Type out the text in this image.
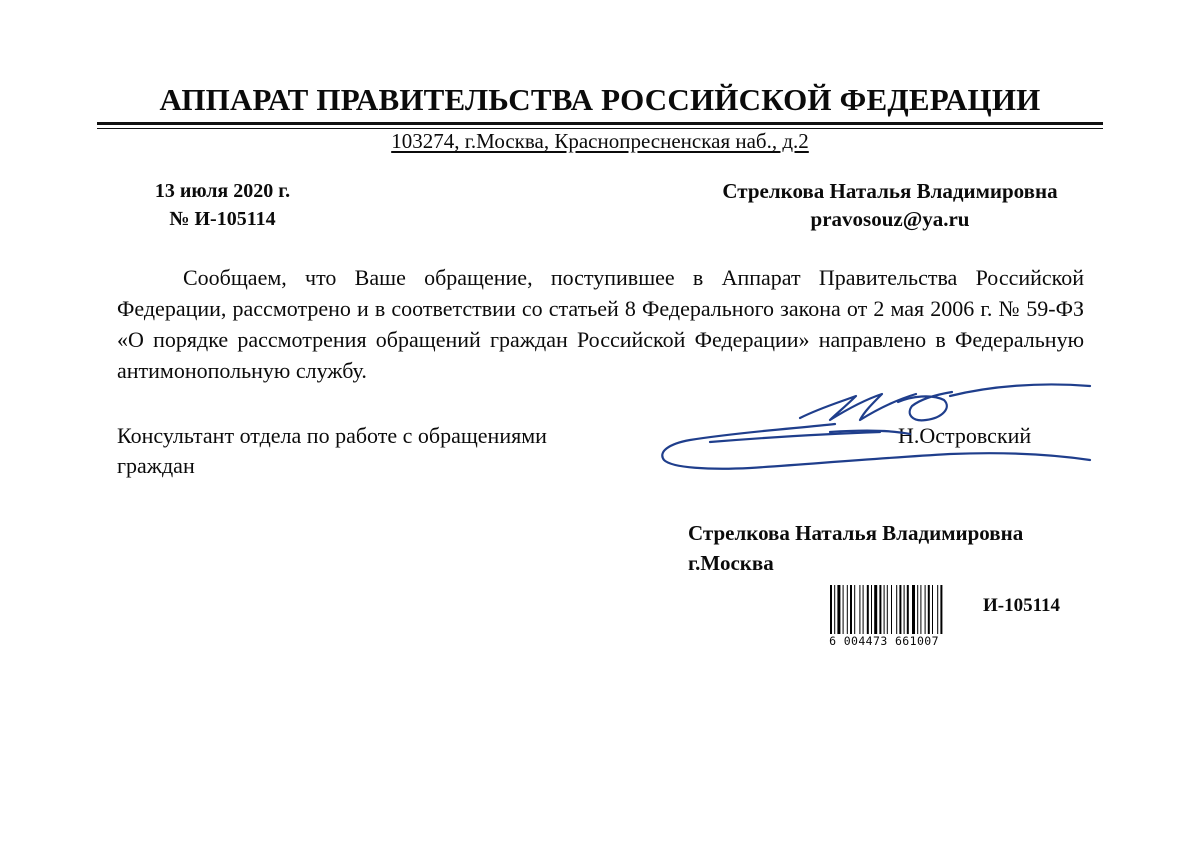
АППАРАТ ПРАВИТЕЛЬСТВА РОССИЙСКОЙ ФЕДЕРАЦИИ
103274, г.Москва, Краснопресненская наб., д.2
13 июля 2020 г.
№ И-105114
Стрелкова Наталья Владимировна
pravosouz@ya.ru
Сообщаем, что Ваше обращение, поступившее в Аппарат Правительства Российской Федерации, рассмотрено и в соответствии со статьей 8 Федерального закона от 2 мая 2006 г. № 59-ФЗ «О порядке рассмотрения обращений граждан Российской Федерации» направлено в Федеральную антимонопольную службу.
Консультант отдела по работе с обращениями
граждан
Н.Островский
Стрелкова Наталья Владимировна
г.Москва
6 004473 661007
И-105114
